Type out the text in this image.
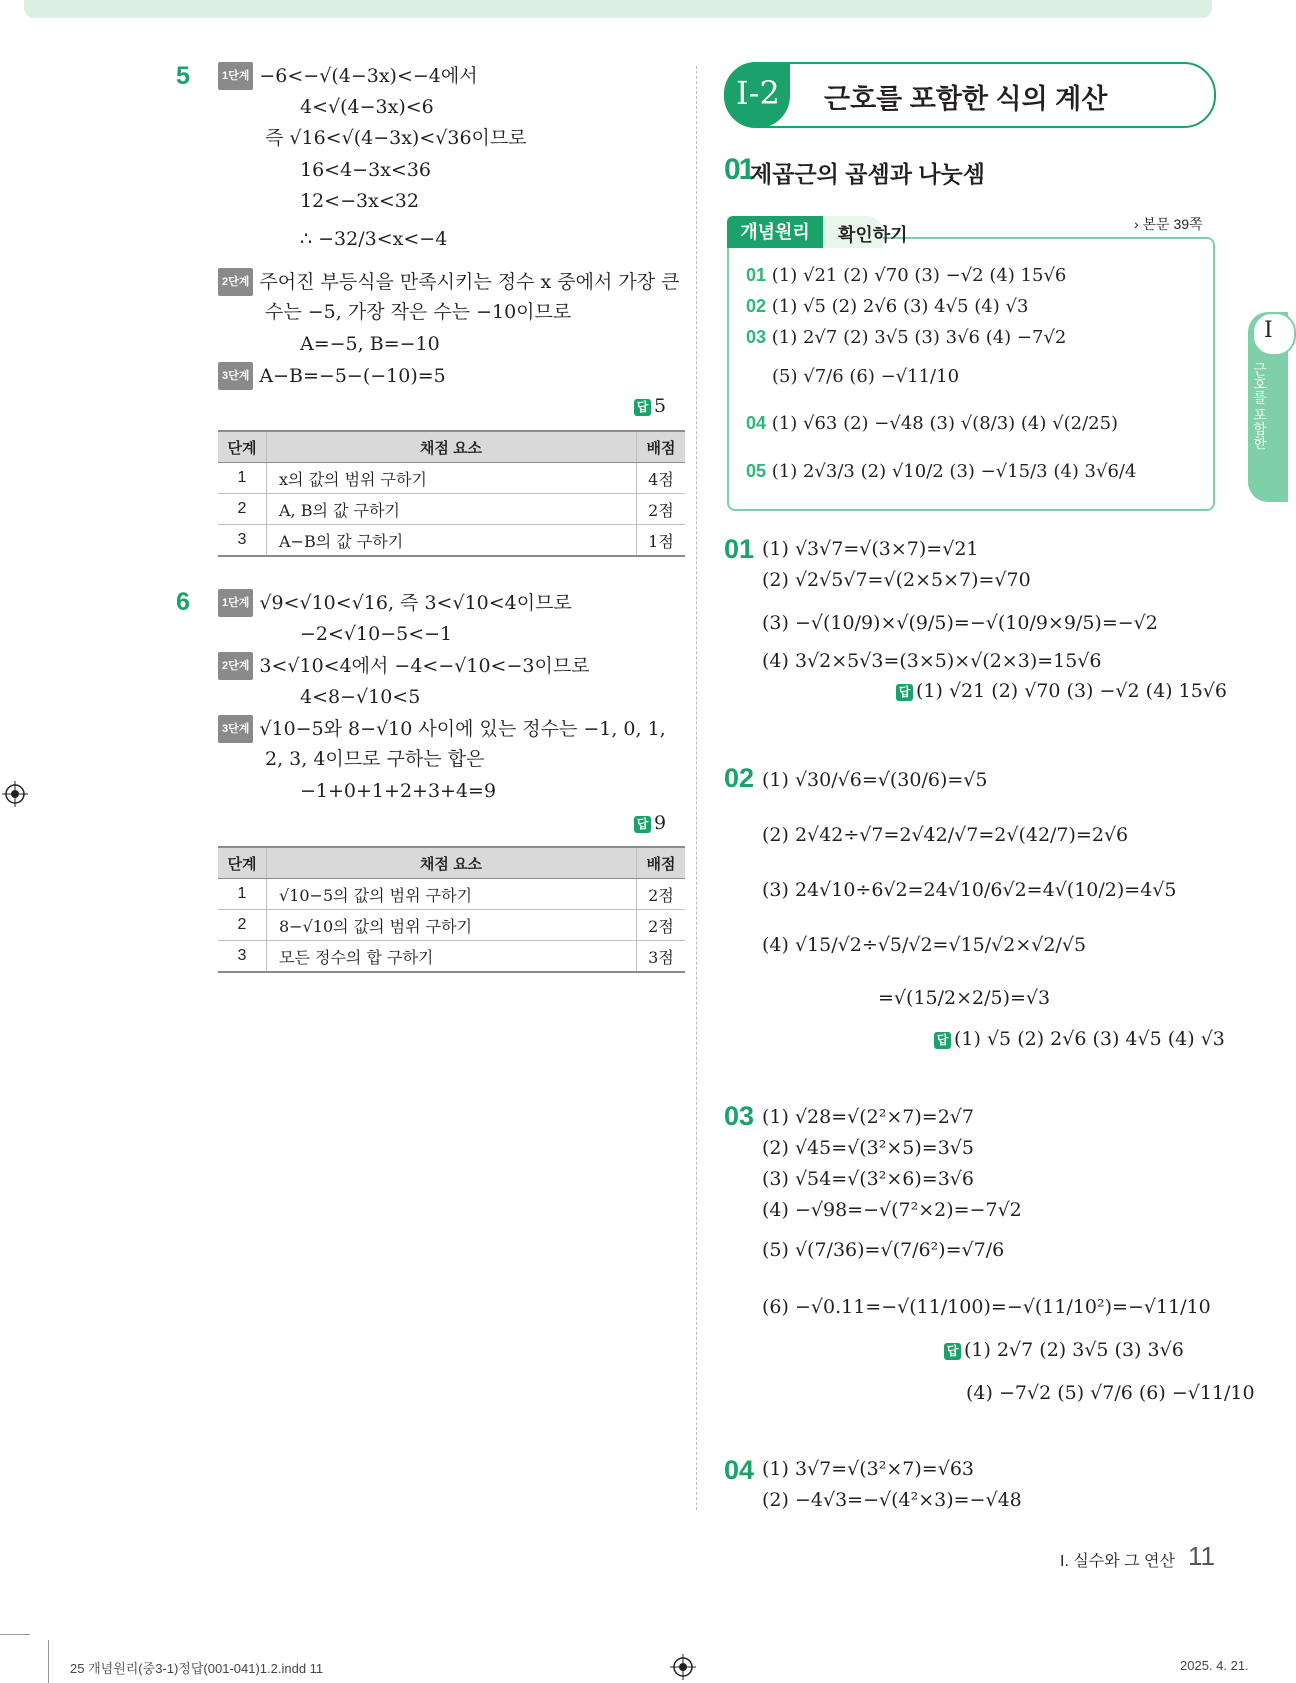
5	1단계 −6<−√(4−3x)<−4에서
4<√(4−3x)<6
즉 √16<√(4−3x)<√36이므로
16<4−3x<36
12<−3x<32
∴ −32/3<x<−4
2단계 주어진 부등식을 만족시키는 정수 x 중에서 가장 큰
수는 −5, 가장 작은 수는 −10이므로
A=−5, B=−10
3단계 A−B=−5−(−10)=5
답 5
단계	채점 요소	배점
1	x의 값의 범위 구하기	4점
2	A, B의 값 구하기	2점
3	A−B의 값 구하기	1점
6	1단계 √9<√10<√16, 즉 3<√10<4이므로
−2<√10−5<−1
2단계 3<√10<4에서 −4<−√10<−3이므로
4<8−√10<5
3단계 √10−5와 8−√10 사이에 있는 정수는 −1, 0, 1,
2, 3, 4이므로 구하는 합은
−1+0+1+2+3+4=9
답 9
단계	채점 요소	배점
1	√10−5의 값의 범위 구하기	2점
2	8−√10의 값의 범위 구하기	2점
3	모든 정수의 합 구하기	3점
I-2 근호를 포함한 식의 계산
01
제곱근의 곱셈과 나눗셈
› 본문 39쪽
개념원리	확인하기
01 (1) √21 (2) √70 (3) −√2 (4) 15√6
02 (1) √5 (2) 2√6 (3) 4√5 (4) √3
03 (1) 2√7 (2) 3√5 (3) 3√6 (4) −7√2
(5) √7/6 (6) −√11/10
04 (1) √63 (2) −√48 (3) √(8/3) (4) √(2/25)
05 (1) 2√3/3 (2) √10/2 (3) −√15/3 (4) 3√6/4
01 (1) √3√7=√(3×7)=√21
(2) √2√5√7=√(2×5×7)=√70
(3) −√(10/9)×√(9/5)=−√(10/9×9/5)=−√2
(4) 3√2×5√3=(3×5)×√(2×3)=15√6
답 (1) √21 (2) √70 (3) −√2 (4) 15√6
02 (1) √30/√6=√(30/6)=√5
(2) 2√42÷√7=2√42/√7=2√(42/7)=2√6
(3) 24√10÷6√2=24√10/6√2=4√(10/2)=4√5
(4) √15/√2÷√5/√2=√15/√2×√2/√5
=√(15/2×2/5)=√3
답 (1) √5 (2) 2√6 (3) 4√5 (4) √3
03 (1) √28=√(2²×7)=2√7
(2) √45=√(3²×5)=3√5
(3) √54=√(3²×6)=3√6
(4) −√98=−√(7²×2)=−7√2
(5) √(7/36)=√(7/6²)=√7/6
(6) −√0.11=−√(11/100)=−√(11/10²)=−√11/10
답 (1) 2√7 (2) 3√5 (3) 3√6
(4) −7√2 (5) √7/6 (6) −√11/10
04 (1) 3√7=√(3²×7)=√63
(2) −4√3=−√(4²×3)=−√48
I
근호를 포함한
I. 실수와 그 연산 11
25 개념원리(중3-1)정답(001-041)1.2.indd 11	2025. 4. 21.
